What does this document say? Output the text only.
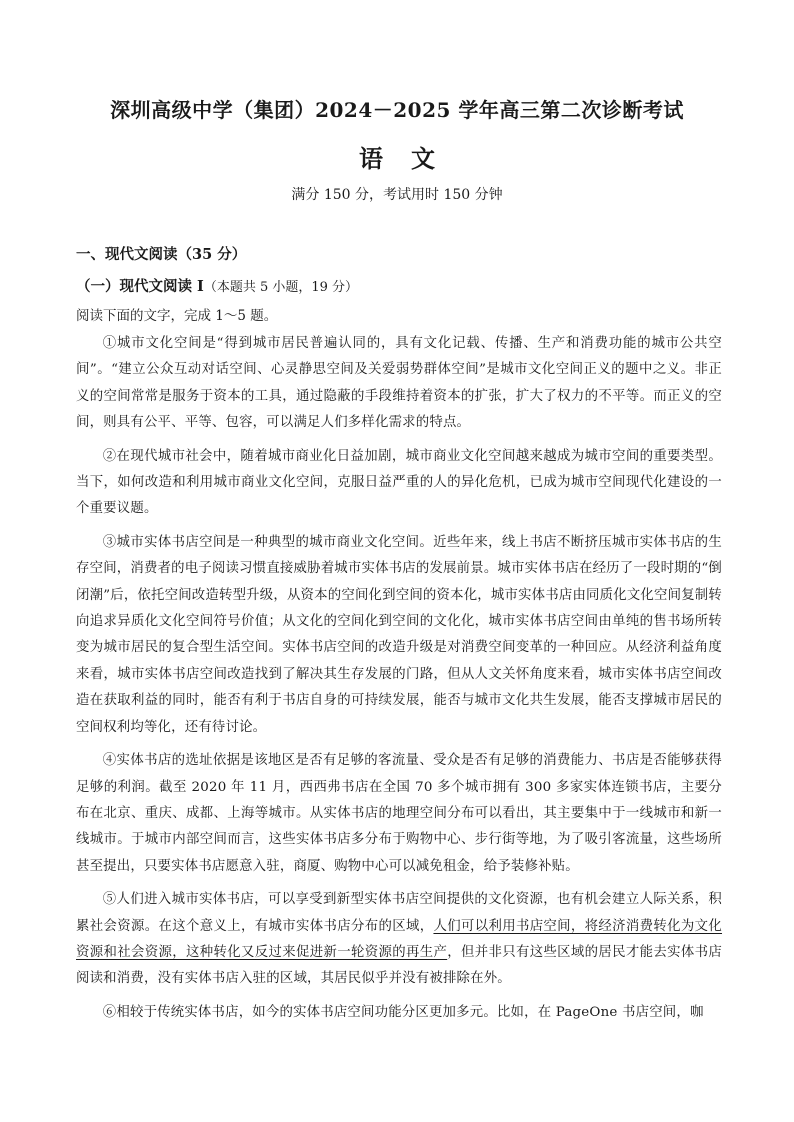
深圳高级中学（集团）2024－2025 学年高三第二次诊断考试
语文
满分 150 分，考试用时 150 分钟
一、现代文阅读（35 分）
（一）现代文阅读 I（本题共 5 小题，19 分）
阅读下面的文字，完成 1～5 题。

①城市文化空间是“得到城市居民普遍认同的，具有文化记载、传播、生产和消费功能的城市公共空间”。“建立公众互动对话空间、心灵静思空间及关爱弱势群体空间”是城市文化空间正义的题中之义。非正义的空间常常是服务于资本的工具，通过隐蔽的手段维持着资本的扩张，扩大了权力的不平等。而正义的空间，则具有公平、平等、包容，可以满足人们多样化需求的特点。

②在现代城市社会中，随着城市商业化日益加剧，城市商业文化空间越来越成为城市空间的重要类型。当下，如何改造和利用城市商业文化空间，克服日益严重的人的异化危机，已成为城市空间现代化建设的一个重要议题。

③城市实体书店空间是一种典型的城市商业文化空间。近些年来，线上书店不断挤压城市实体书店的生存空间，消费者的电子阅读习惯直接威胁着城市实体书店的发展前景。城市实体书店在经历了一段时期的“倒闭潮”后，依托空间改造转型升级，从资本的空间化到空间的资本化，城市实体书店由同质化文化空间复制转向追求异质化文化空间符号价值；从文化的空间化到空间的文化化，城市实体书店空间由单纯的售书场所转变为城市居民的复合型生活空间。实体书店空间的改造升级是对消费空间变革的一种回应。从经济利益角度来看，城市实体书店空间改造找到了解决其生存发展的门路，但从人文关怀角度来看，城市实体书店空间改造在获取利益的同时，能否有利于书店自身的可持续发展，能否与城市文化共生发展，能否支撑城市居民的空间权利均等化，还有待讨论。

④实体书店的选址依据是该地区是否有足够的客流量、受众是否有足够的消费能力、书店是否能够获得足够的利润。截至 2020 年 11 月，西西弗书店在全国 70 多个城市拥有 300 多家实体连锁书店，主要分布在北京、重庆、成都、上海等城市。从实体书店的地理空间分布可以看出，其主要集中于一线城市和新一线城市。于城市内部空间而言，这些实体书店多分布于购物中心、步行街等地，为了吸引客流量，这些场所甚至提出，只要实体书店愿意入驻，商厦、购物中心可以减免租金，给予装修补贴。

⑤人们进入城市实体书店，可以享受到新型实体书店空间提供的文化资源，也有机会建立人际关系，积累社会资源。在这个意义上，有城市实体书店分布的区域，人们可以利用书店空间，将经济消费转化为文化资源和社会资源，这种转化又反过来促进新一轮资源的再生产，但并非只有这些区域的居民才能去实体书店阅读和消费，没有实体书店入驻的区域，其居民似乎并没有被排除在外。

⑥相较于传统实体书店，如今的实体书店空间功能分区更加多元。比如，在 PageOne 书店空间，咖
